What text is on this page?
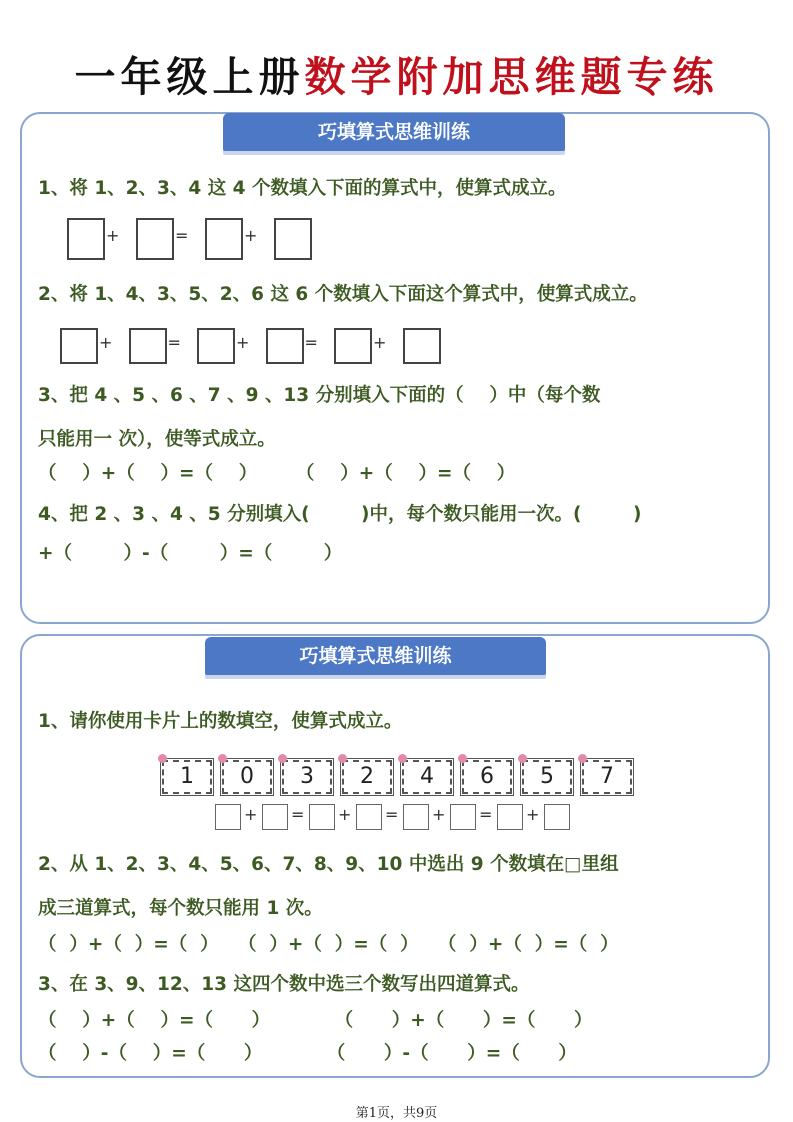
一年级上册数学附加思维题专练
巧填算式思维训练
1、将 1、2、3、4 这 4 个数填入下面的算式中，使算式成立。
2、将 1、4、3、5、2、6 这 6 个数填入下面这个算式中，使算式成立。
3、把 4 、5 、6 、7 、9 、13 分别填入下面的（    ）中（每个数
只能用一 次），使等式成立。
（    ）+（    ）=（    ）      （    ）+（    ）=（    ）
4、把 2 、3 、4 、5 分别填入(        )中，每个数只能用一次。(        )
+（        ）-（        ）=（        ）
巧填算式思维训练
1、请你使用卡片上的数填空，使算式成立。
2、从 1、2、3、4、5、6、7、8、9、10 中选出 9 个数填在□里组
成三道算式，每个数只能用 1 次。
（  ）+（  ）=（  ）   （  ）+（  ）=（  ）   （  ）+（  ）=（  ）
3、在 3、9、12、13 这四个数中选三个数写出四道算式。
（    ）+（    ）=（      ）          （      ）+（      ）=（      ）
（    ）-（    ）=（      ）          （      ）-（      ）=（      ）
第1页，共9页
+	=	+
+	=	+	=	+
1	0	3	2	4	6	5	7
+ = + = + = +
